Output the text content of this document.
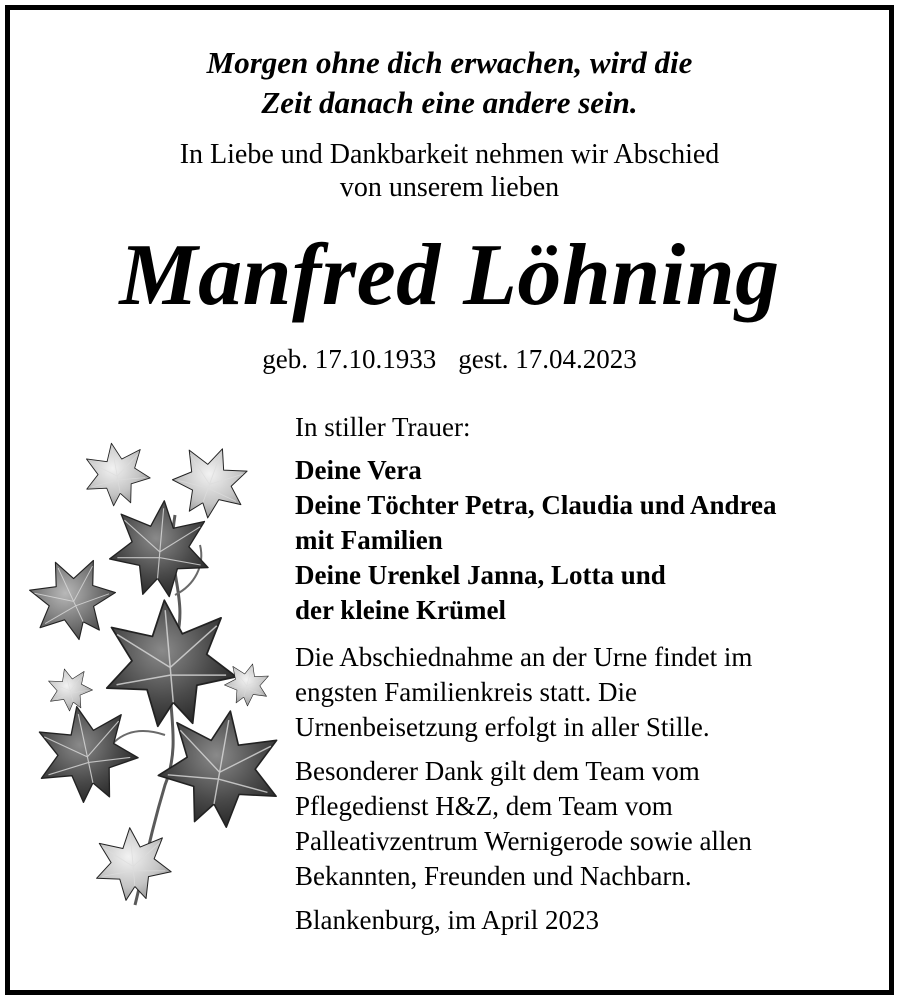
Morgen ohne dich erwachen, wird die
Zeit danach eine andere sein.
In Liebe und Dankbarkeit nehmen wir Abschied
von unserem lieben
Manfred Löhning
geb. 17.10.1933 gest. 17.04.2023

In stiller Trauer:

Deine Vera

Deine Töchter Petra, Claudia und Andrea

mit Familien

Deine Urenkel Janna, Lotta und

der kleine Krümel

Die Abschiednahme an der Urne findet im

engsten Familienkreis statt. Die

Urnenbeisetzung erfolgt in aller Stille.

Besonderer Dank gilt dem Team vom

Pflegedienst H&Z, dem Team vom

Palleativzentrum Wernigerode sowie allen

Bekannten, Freunden und Nachbarn.

Blankenburg, im April 2023
